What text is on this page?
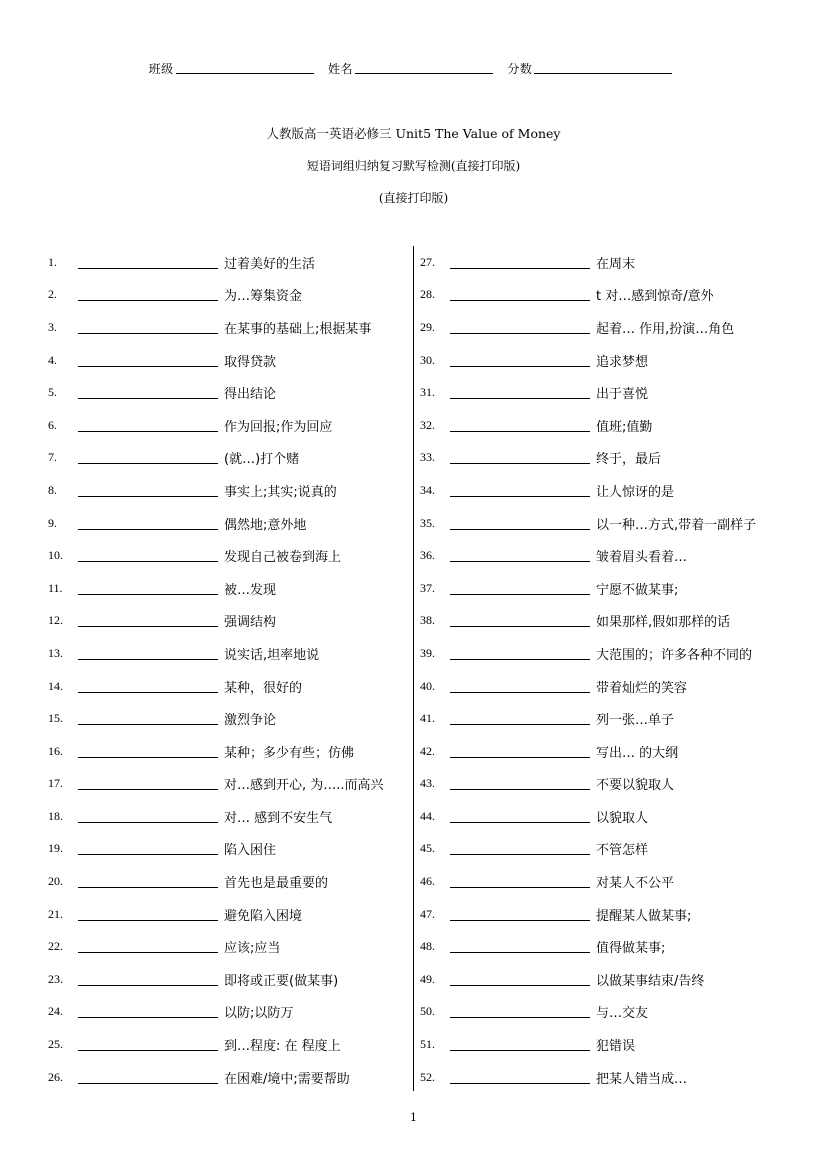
班级	姓名	分数
人教版高一英语必修三 Unit5 The Value of Money
短语词组归纳复习默写检测(直接打印版)
(直接打印版)
1.	过着美好的生活
2.	为…筹集资金
3.	在某事的基础上;根据某事
4.	取得贷款
5.	得出结论
6.	作为回报;作为回应
7.	(就…)打个赌
8.	事实上;其实;说真的
9.	偶然地;意外地
10.	发现自己被卷到海上
11.	被…发现
12.	强调结构
13.	说实话,坦率地说
14.	某种，很好的
15.	激烈争论
16.	某种；多少有些；仿佛
17.	对…感到开心, 为…..而高兴
18.	对… 感到不安生气
19.	陷入困住
20.	首先也是最重要的
21.	避免陷入困境
22.	应该;应当
23.	即将或正要(做某事)
24.	以防;以防万
25.	到…程度: 在 程度上
26.	在困难/境中;需要帮助
27.	在周末
28.	t 对…感到惊奇/意外
29.	起着… 作用,扮演…角色
30.	追求梦想
31.	出于喜悦
32.	值班;值勤
33.	终于，最后
34.	让人惊讶的是
35.	以一种…方式,带着一副样子
36.	皱着眉头看着…
37.	宁愿不做某事;
38.	如果那样,假如那样的话
39.	大范围的；许多各种不同的
40.	带着灿烂的笑容
41.	列一张…单子
42.	写出… 的大纲
43.	不要以貌取人
44.	以貌取人
45.	不管怎样
46.	对某人不公平
47.	提醒某人做某事;
48.	值得做某事;
49.	以做某事结束/告终
50.	与…交友
51.	犯错误
52.	把某人错当成…
1
